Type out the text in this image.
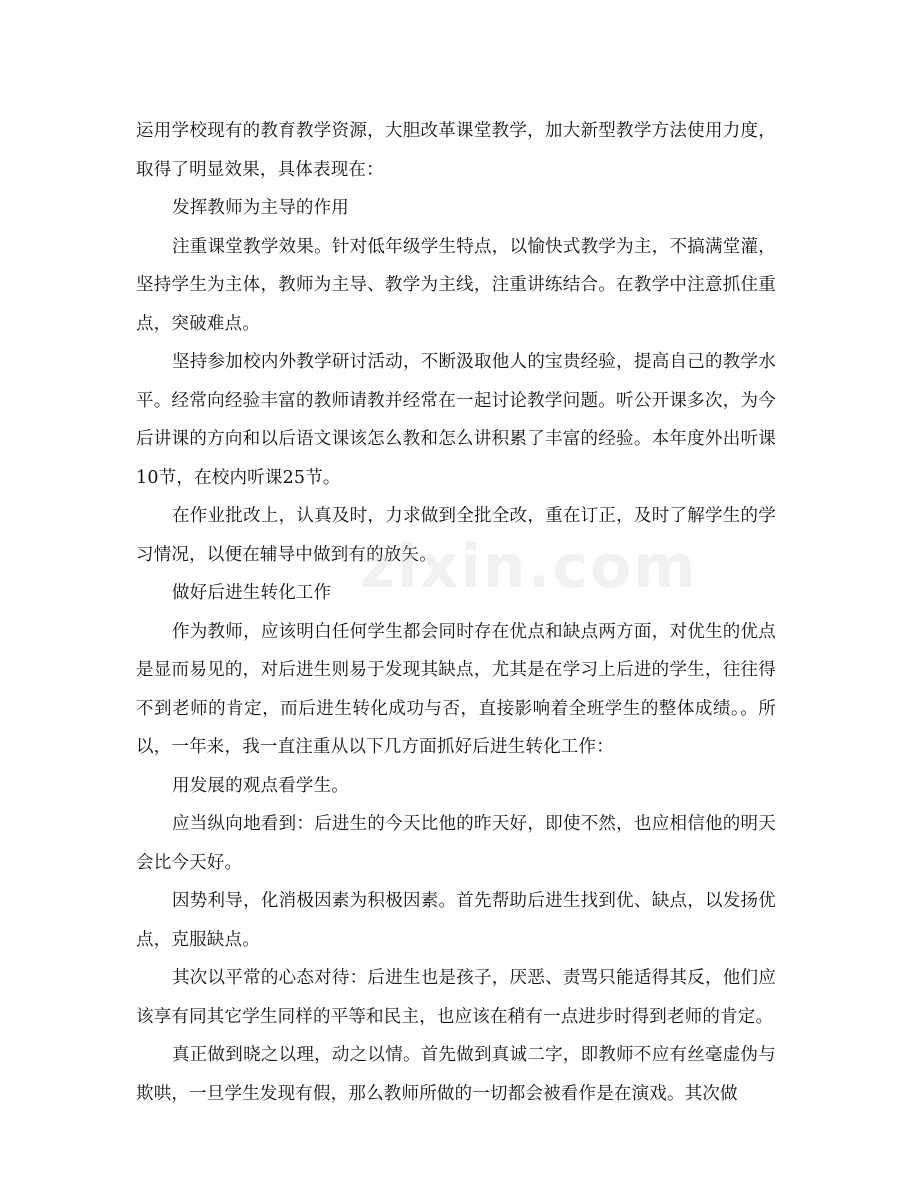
运用学校现有的教育教学资源，大胆改革课堂教学，加大新型教学方法使用力度，取得了明显效果，具体表现在：

发挥教师为主导的作用

注重课堂教学效果。针对低年级学生特点，以愉快式教学为主，不搞满堂灌，坚持学生为主体，教师为主导、教学为主线，注重讲练结合。在教学中注意抓住重点，突破难点。

坚持参加校内外教学研讨活动，不断汲取他人的宝贵经验，提高自己的教学水平。经常向经验丰富的教师请教并经常在一起讨论教学问题。听公开课多次，为今后讲课的方向和以后语文课该怎么教和怎么讲积累了丰富的经验。本年度外出听课10节，在校内听课25节。

在作业批改上，认真及时，力求做到全批全改，重在订正，及时了解学生的学习情况，以便在辅导中做到有的放矢。

做好后进生转化工作

作为教师，应该明白任何学生都会同时存在优点和缺点两方面，对优生的优点是显而易见的，对后进生则易于发现其缺点，尤其是在学习上后进的学生，往往得不到老师的肯定，而后进生转化成功与否，直接影响着全班学生的整体成绩。。所以，一年来，我一直注重从以下几方面抓好后进生转化工作：

用发展的观点看学生。

应当纵向地看到：后进生的今天比他的昨天好，即使不然，也应相信他的明天会比今天好。

因势利导，化消极因素为积极因素。首先帮助后进生找到优、缺点，以发扬优点，克服缺点。

其次以平常的心态对待：后进生也是孩子，厌恶、责骂只能适得其反，他们应该享有同其它学生同样的平等和民主，也应该在稍有一点进步时得到老师的肯定。

真正做到晓之以理，动之以情。首先做到真诚二字，即教师不应有丝毫虚伪与欺哄，一旦学生发现有假，那么教师所做的一切都会被看作是在演戏。其次做

zixin.com
